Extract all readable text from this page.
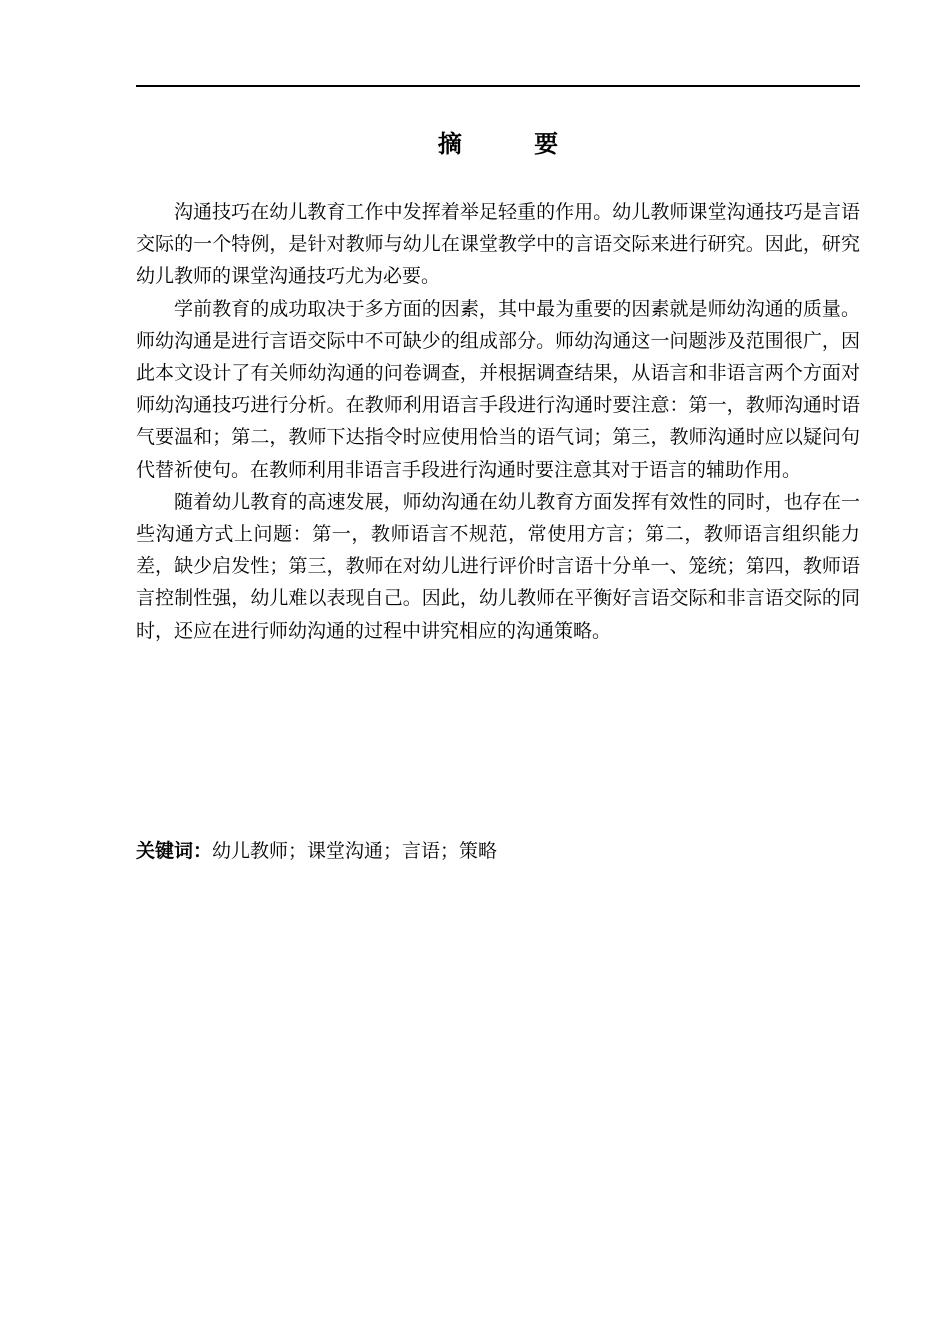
摘 要

沟通技巧在幼儿教育工作中发挥着举足轻重的作用。幼儿教师课堂沟通技巧是言语交际的一个特例，是针对教师与幼儿在课堂教学中的言语交际来进行研究。因此，研究幼儿教师的课堂沟通技巧尤为必要。

学前教育的成功取决于多方面的因素，其中最为重要的因素就是师幼沟通的质量。师幼沟通是进行言语交际中不可缺少的组成部分。师幼沟通这一问题涉及范围很广，因此本文设计了有关师幼沟通的问卷调查，并根据调查结果，从语言和非语言两个方面对师幼沟通技巧进行分析。在教师利用语言手段进行沟通时要注意：第一，教师沟通时语气要温和；第二，教师下达指令时应使用恰当的语气词；第三，教师沟通时应以疑问句代替祈使句。在教师利用非语言手段进行沟通时要注意其对于语言的辅助作用。

随着幼儿教育的高速发展，师幼沟通在幼儿教育方面发挥有效性的同时，也存在一些沟通方式上问题：第一，教师语言不规范，常使用方言；第二，教师语言组织能力差，缺少启发性；第三，教师在对幼儿进行评价时言语十分单一、笼统；第四，教师语言控制性强，幼儿难以表现自己。因此，幼儿教师在平衡好言语交际和非言语交际的同时，还应在进行师幼沟通的过程中讲究相应的沟通策略。

关键词：幼儿教师；课堂沟通；言语；策略
